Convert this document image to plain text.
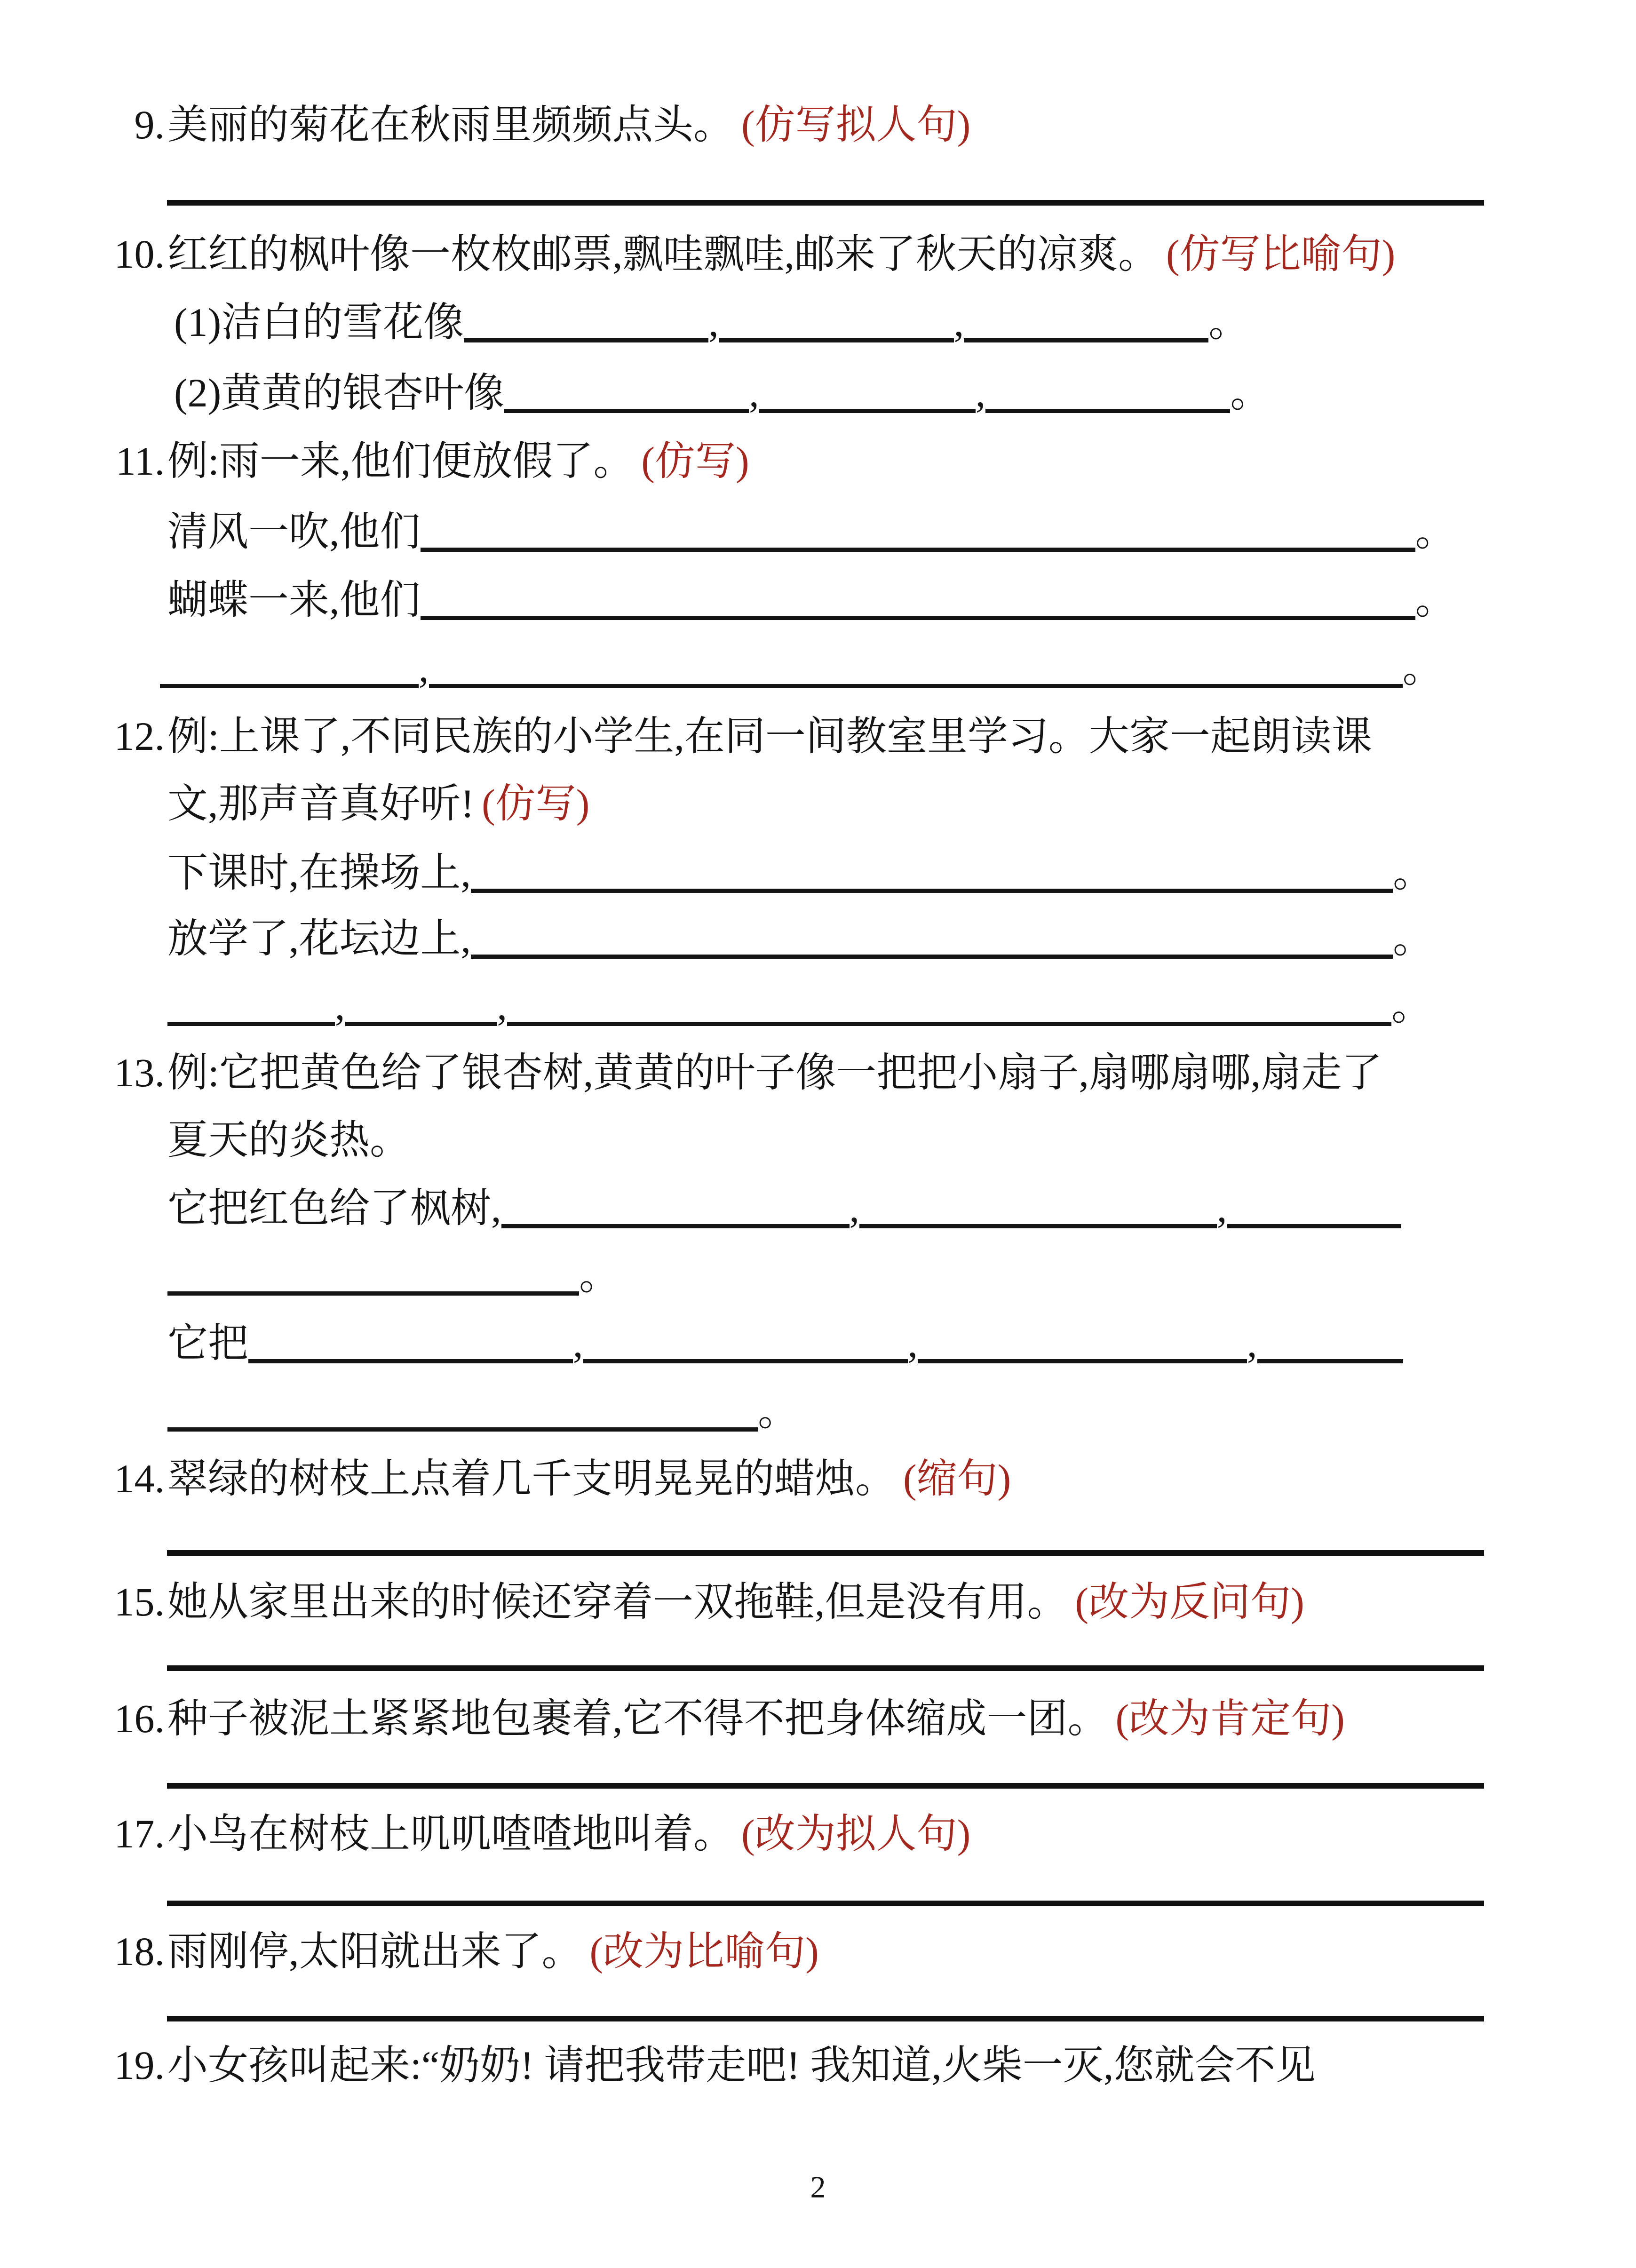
9.美丽的菊花在秋雨里频频点头。 (仿写拟人句)
10.红红的枫叶像一枚枚邮票,飘哇飘哇,邮来了秋天的凉爽。 (仿写比喻句)
(1)洁白的雪花像	,	,	。
(2)黄黄的银杏叶像	,	,	。
11.例:雨一来,他们便放假了。 (仿写)
清风一吹,他们	。
蝴蝶一来,他们	。
,	。
12.例:上课了,不同民族的小学生,在同一间教室里学习。大家一起朗读课
文,那声音真好听! (仿写)
下课时,在操场上,	。
放学了,花坛边上,	。
,	,	。
13.例:它把黄色给了银杏树,黄黄的叶子像一把把小扇子,扇哪扇哪,扇走了
夏天的炎热。
它把红色给了枫树,	,	,
。
它把	,	,	,
。
14.翠绿的树枝上点着几千支明晃晃的蜡烛。 (缩句)
15.她从家里出来的时候还穿着一双拖鞋,但是没有用。 (改为反问句)
16.种子被泥土紧紧地包裹着,它不得不把身体缩成一团。 (改为肯定句)
17.小鸟在树枝上叽叽喳喳地叫着。 (改为拟人句)
18.雨刚停,太阳就出来了。 (改为比喻句)
19.小女孩叫起来:“奶奶! 请把我带走吧! 我知道,火柴一灭,您就会不见
2
